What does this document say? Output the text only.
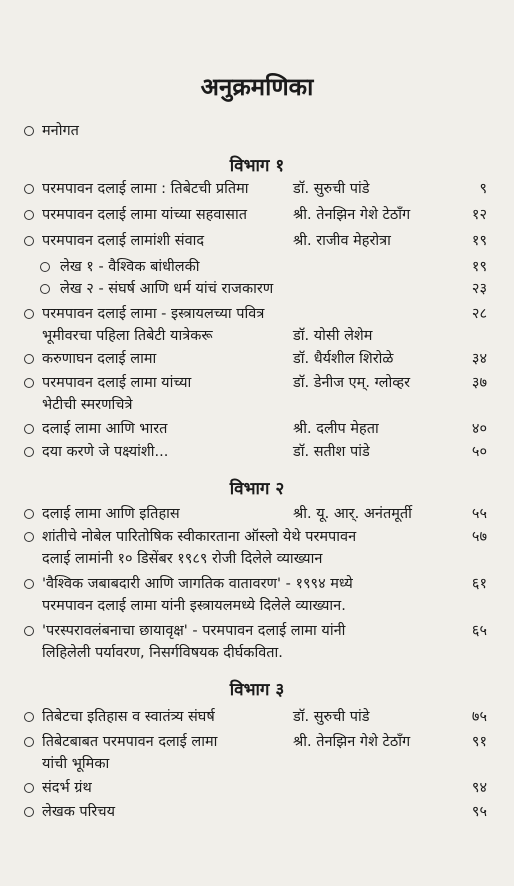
अनुक्रमणिका
मनोगत
विभाग १
परमपावन दलाई लामा : तिबेटची प्रतिमा	डॉ. सुरुची पांडे	९
परमपावन दलाई लामा यांच्या सहवासात	श्री. तेनझिन गेशे टेठॉंग	१२
परमपावन दलाई लामांशी संवाद	श्री. राजीव मेहरोत्रा	१९
लेख १ - वैश्विक बांधीलकी	१९
लेख २ - संघर्ष आणि धर्म यांचं राजकारण	२३
परमपावन दलाई लामा - इस्त्रायलच्या पवित्र	२८
भूमीवरचा पहिला तिबेटी यात्रेकरू	डॉ. योसी लेशेम
करुणाघन दलाई लामा	डॉ. धैर्यशील शिरोळे	३४
परमपावन दलाई लामा यांच्या	डॉ. डेनीज एम्. ग्लोव्हर	३७
भेटीची स्मरणचित्रे
दलाई लामा आणि भारत	श्री. दलीप मेहता	४०
दया करणे जे पक्ष्यांशी...	डॉ. सतीश पांडे	५०
विभाग २
दलाई लामा आणि इतिहास	श्री. यू. आर्. अनंतमूर्ती	५५
शांतीचे नोबेल पारितोषिक स्वीकारताना ऑस्लो येथे परमपावन	५७
दलाई लामांनी १० डिसेंबर १९८९ रोजी दिलेले व्याख्यान
'वैश्विक जबाबदारी आणि जागतिक वातावरण' - १९९४ मध्ये	६१
परमपावन दलाई लामा यांनी इस्त्रायलमध्ये दिलेले व्याख्यान.
'परस्परावलंबनाचा छायावृक्ष' - परमपावन दलाई लामा यांनी	६५
लिहिलेली पर्यावरण, निसर्गविषयक दीर्घकविता.
विभाग ३
तिबेटचा इतिहास व स्वातंत्र्य संघर्ष	डॉ. सुरुची पांडे	७५
तिबेटबाबत परमपावन दलाई लामा	श्री. तेनझिन गेशे टेठॉंग	९१
यांची भूमिका
संदर्भ ग्रंथ	९४
लेखक परिचय	९५
